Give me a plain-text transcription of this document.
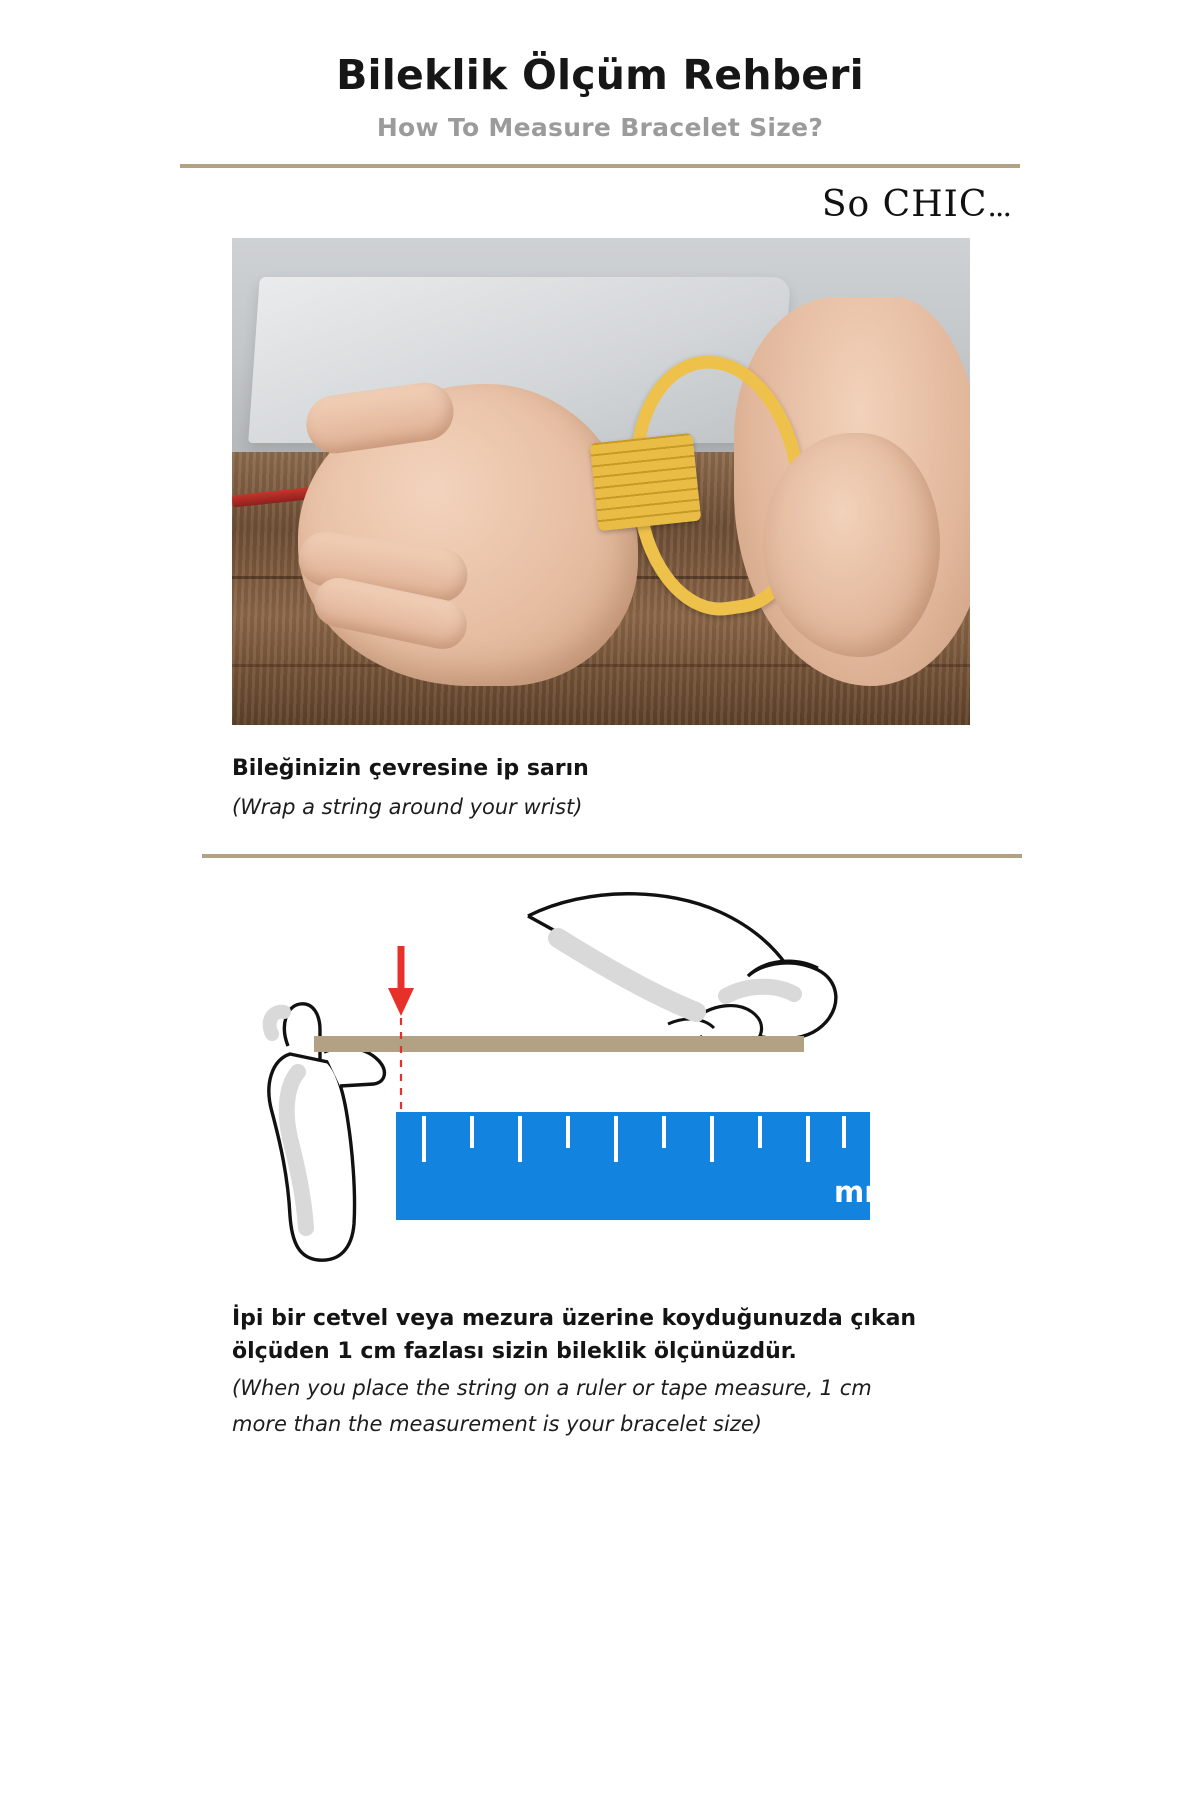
Bileklik Ölçüm Rehberi
How To Measure Bracelet Size?
So CHIC...
Bileğinizin çevresine ip sarın
(Wrap a string around your wrist)
mm
İpi bir cetvel veya mezura üzerine koyduğunuzda çıkan
ölçüden 1 cm fazlası sizin bileklik ölçünüzdür.
(When you place the string on a ruler or tape measure, 1 cm
more than the measurement is your bracelet size)
